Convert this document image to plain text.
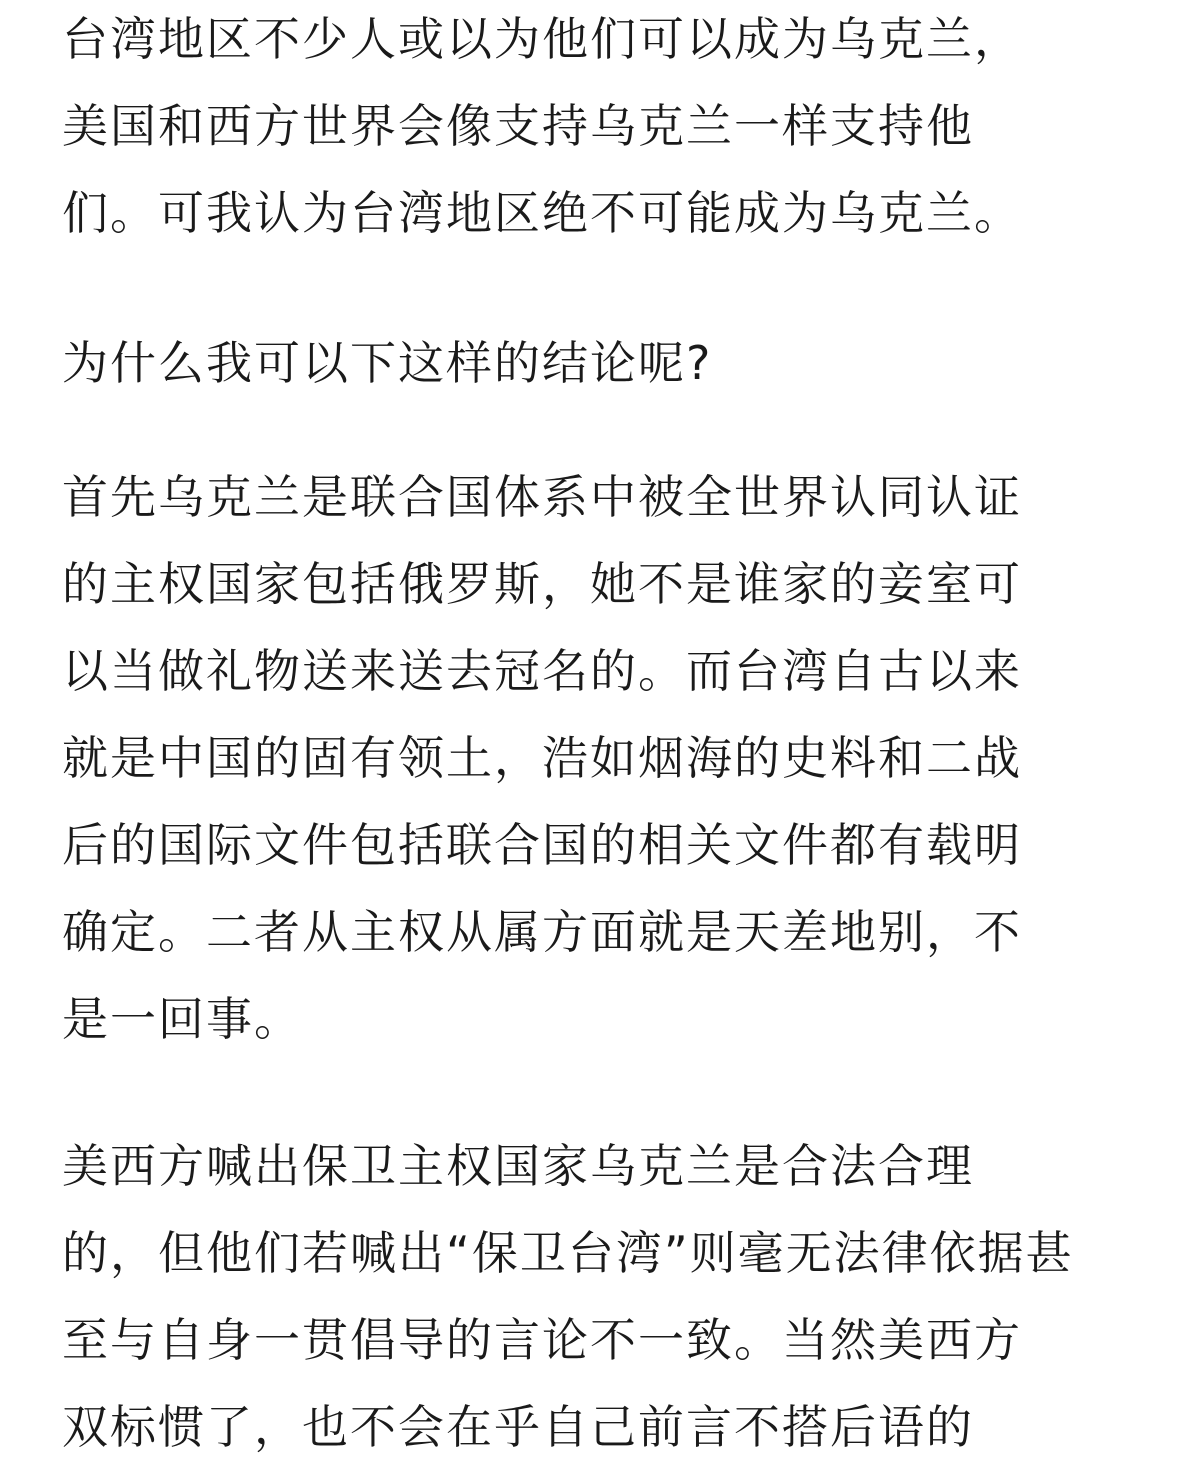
台湾地区不少人或以为他们可以成为乌克兰，
美国和西方世界会像支持乌克兰一样支持他
们。可我认为台湾地区绝不可能成为乌克兰。
为什么我可以下这样的结论呢?
首先乌克兰是联合国体系中被全世界认同认证
的主权国家包括俄罗斯，她不是谁家的妾室可
以当做礼物送来送去冠名的。而台湾自古以来
就是中国的固有领土，浩如烟海的史料和二战
后的国际文件包括联合国的相关文件都有载明
确定。二者从主权从属方面就是天差地别，不
是一回事。
美西方喊出保卫主权国家乌克兰是合法合理
的，但他们若喊出“保卫台湾”则毫无法律依据甚
至与自身一贯倡导的言论不一致。当然美西方
双标惯了，也不会在乎自己前言不搭后语的
